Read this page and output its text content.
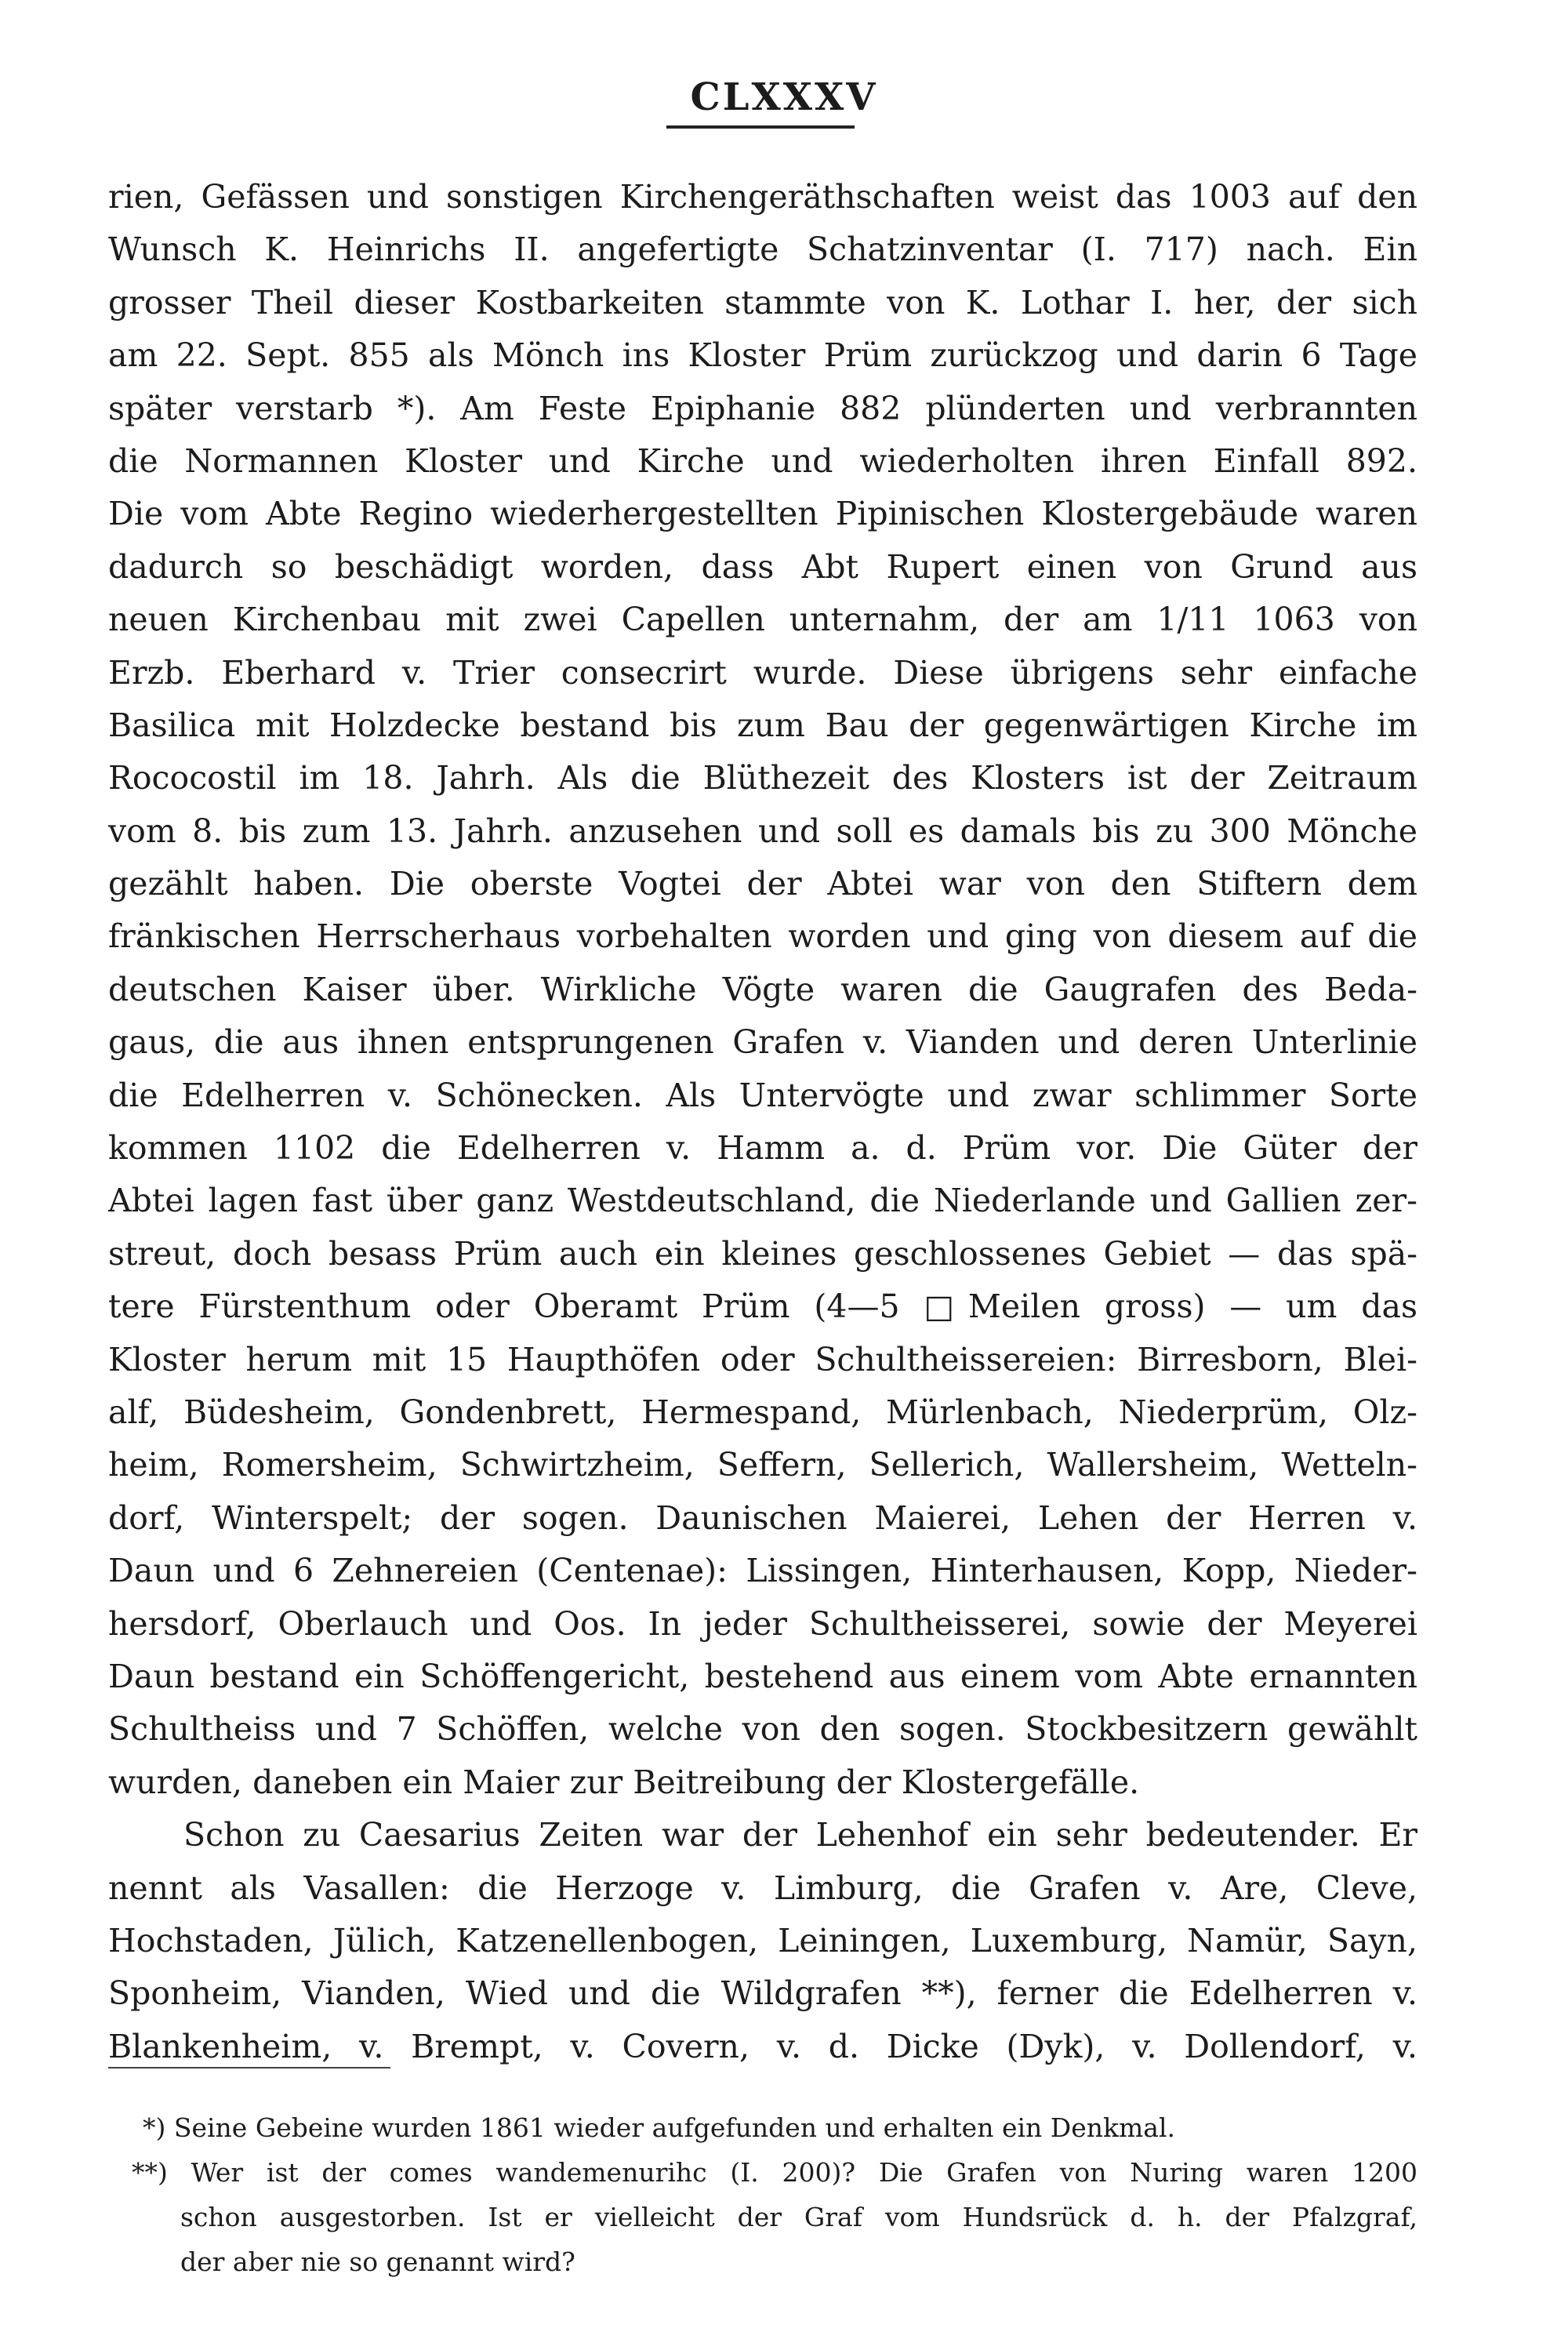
CLXXXV
rien, Gefässen und sonstigen Kirchengeräthschaften weist das 1003 auf den
Wunsch K. Heinrichs II. angefertigte Schatzinventar (I. 717) nach. Ein
grosser Theil dieser Kostbarkeiten stammte von K. Lothar I. her, der sich
am 22. Sept. 855 als Mönch ins Kloster Prüm zurückzog und darin 6 Tage
später verstarb *). Am Feste Epiphanie 882 plünderten und verbrannten
die Normannen Kloster und Kirche und wiederholten ihren Einfall 892.
Die vom Abte Regino wiederhergestellten Pipinischen Klostergebäude waren
dadurch so beschädigt worden, dass Abt Rupert einen von Grund aus
neuen Kirchenbau mit zwei Capellen unternahm, der am 1/11 1063 von
Erzb. Eberhard v. Trier consecrirt wurde. Diese übrigens sehr einfache
Basilica mit Holzdecke bestand bis zum Bau der gegenwärtigen Kirche im
Rococostil im 18. Jahrh. Als die Blüthezeit des Klosters ist der Zeitraum
vom 8. bis zum 13. Jahrh. anzusehen und soll es damals bis zu 300 Mönche
gezählt haben. Die oberste Vogtei der Abtei war von den Stiftern dem
fränkischen Herrscherhaus vorbehalten worden und ging von diesem auf die
deutschen Kaiser über. Wirkliche Vögte waren die Gaugrafen des Beda-
gaus, die aus ihnen entsprungenen Grafen v. Vianden und deren Unterlinie
die Edelherren v. Schönecken. Als Untervögte und zwar schlimmer Sorte
kommen 1102 die Edelherren v. Hamm a. d. Prüm vor. Die Güter der
Abtei lagen fast über ganz Westdeutschland, die Niederlande und Gallien zer-
streut, doch besass Prüm auch ein kleines geschlossenes Gebiet — das spä-
tere Fürstenthum oder Oberamt Prüm (4—5 □Meilen gross) — um das
Kloster herum mit 15 Haupthöfen oder Schultheissereien: Birresborn, Blei-
alf, Büdesheim, Gondenbrett, Hermespand, Mürlenbach, Niederprüm, Olz-
heim, Romersheim, Schwirtzheim, Seffern, Sellerich, Wallersheim, Wetteln-
dorf, Winterspelt; der sogen. Daunischen Maierei, Lehen der Herren v.
Daun und 6 Zehnereien (Centenae): Lissingen, Hinterhausen, Kopp, Nieder-
hersdorf, Oberlauch und Oos. In jeder Schultheisserei, sowie der Meyerei
Daun bestand ein Schöffengericht, bestehend aus einem vom Abte ernannten
Schultheiss und 7 Schöffen, welche von den sogen. Stockbesitzern gewählt
wurden, daneben ein Maier zur Beitreibung der Klostergefälle.
Schon zu Caesarius Zeiten war der Lehenhof ein sehr bedeutender. Er
nennt als Vasallen: die Herzoge v. Limburg, die Grafen v. Are, Cleve,
Hochstaden, Jülich, Katzenellenbogen, Leiningen, Luxemburg, Namür, Sayn,
Sponheim, Vianden, Wied und die Wildgrafen **), ferner die Edelherren v.
Blankenheim, v. Brempt, v. Covern, v. d. Dicke (Dyk), v. Dollendorf, v.
*) Seine Gebeine wurden 1861 wieder aufgefunden und erhalten ein Denkmal.
**) Wer ist der comes wandemenurihc (I. 200)? Die Grafen von Nuring waren 1200
schon ausgestorben. Ist er vielleicht der Graf vom Hundsrück d. h. der Pfalzgraf,
der aber nie so genannt wird?
